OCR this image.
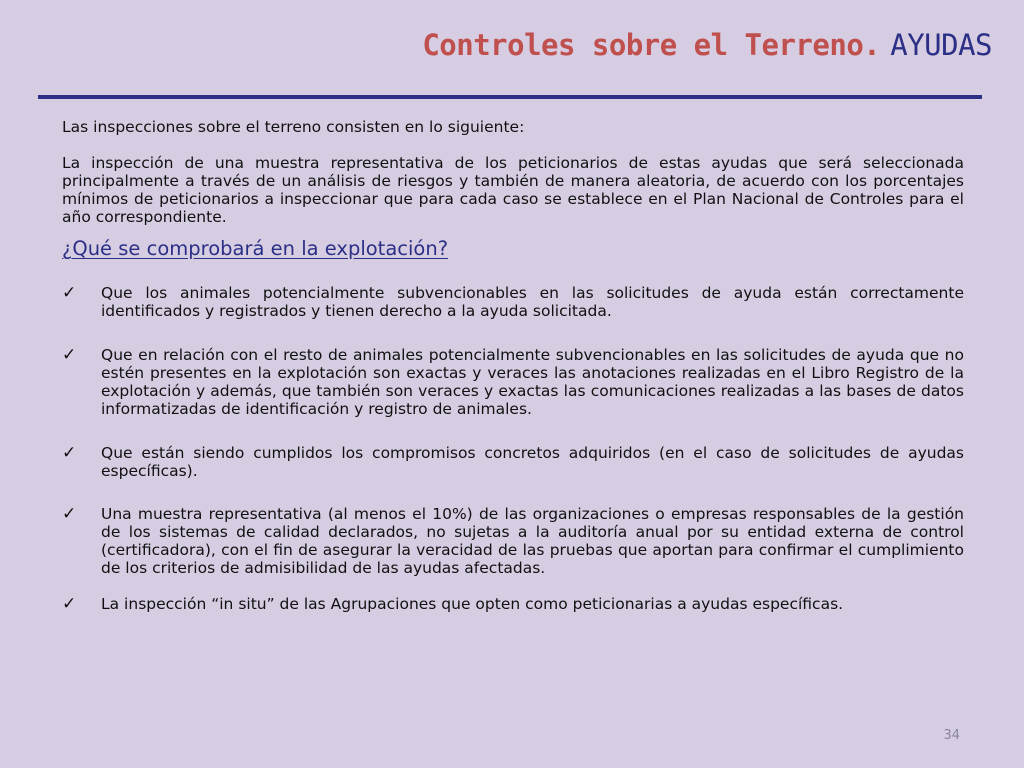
Controles sobre el Terreno. AYUDAS

Las inspecciones sobre el terreno consisten en lo siguiente:

La inspección de una muestra representativa de los peticionarios de estas ayudas que será seleccionada principalmente a través de un análisis de riesgos y también de manera aleatoria, de acuerdo con los porcentajes mínimos de peticionarios a inspeccionar que para cada caso se establece en el Plan Nacional de Controles para el año correspondiente.

¿Qué se comprobará en la explotación?

✓ Que los animales potencialmente subvencionables en las solicitudes de ayuda están correctamente identificados y registrados y tienen derecho a la ayuda solicitada.
✓ Que en relación con el resto de animales potencialmente subvencionables en las solicitudes de ayuda que no estén presentes en la explotación son exactas y veraces las anotaciones realizadas en el Libro Registro de la explotación y además, que también son veraces y exactas las comunicaciones realizadas a las bases de datos informatizadas de identificación y registro de animales.
✓ Que están siendo cumplidos los compromisos concretos adquiridos (en el caso de solicitudes de ayudas específicas).
✓ Una muestra representativa (al menos el 10%) de las organizaciones o empresas responsables de la gestión de los sistemas de calidad declarados, no sujetas a la auditoría anual por su entidad externa de control (certificadora), con el fin de asegurar la veracidad de las pruebas que aportan para confirmar el cumplimiento de los criterios de admisibilidad de las ayudas afectadas.
✓ La inspección “in situ” de las Agrupaciones que opten como peticionarias a ayudas específicas.
34
